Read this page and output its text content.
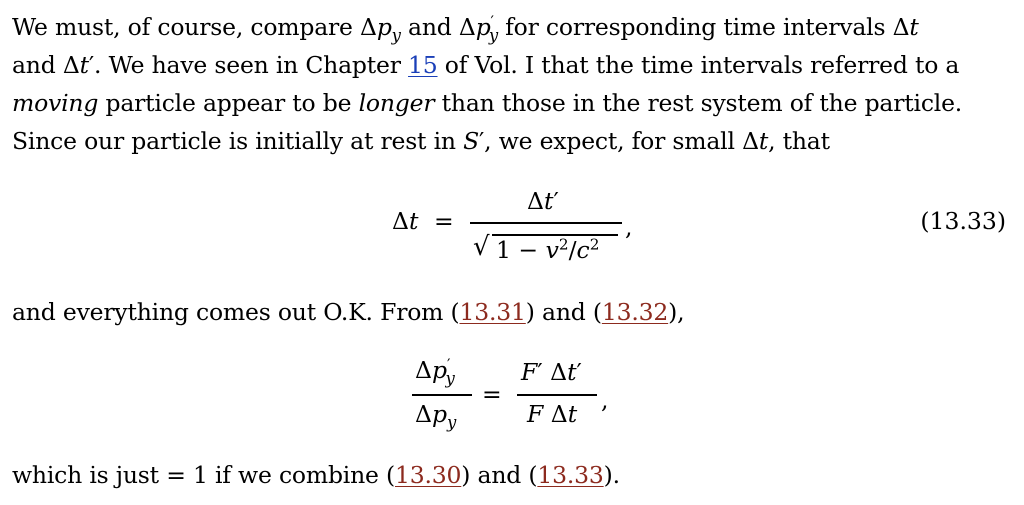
We must, of course, compare $\Delta p_y$ and $\Delta p'_y$ for corresponding time intervals Δt
and Δt′. We have seen in Chapter 15 of Vol. I that the time intervals referred to a
moving particle appear to be longer than those in the rest system of the particle.
Since our particle is initially at rest in S′, we expect, for small Δt, that
Δt =
Δt′
√ $1 - v^2/c^2$
,	(13.33)
and everything comes out O.K. From (13.31) and (13.32),
$\Delta p'_y$
$\Delta p_y$
=
F′ Δt′
F Δt ,
which is just = 1 if we combine (13.30) and (13.33).
